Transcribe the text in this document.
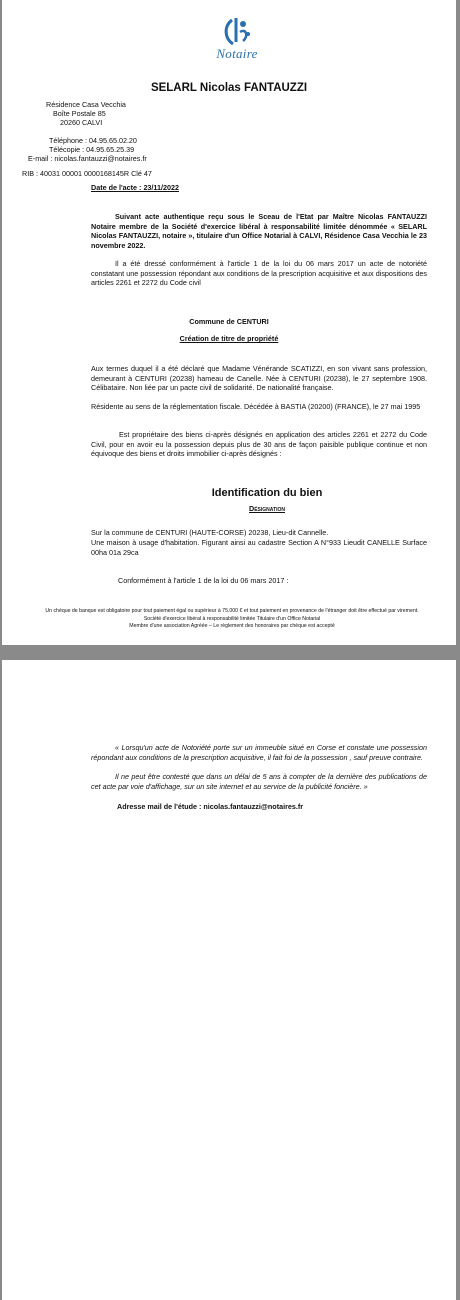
Notaire
SELARL Nicolas FANTAUZZI
Résidence Casa Vecchia
Boîte Postale 85
20260 CALVI
Téléphone : 04.95.65.02.20
Télécopie : 04.95.65.25.39
E-mail : nicolas.fantauzzi@notaires.fr
RIB : 40031 00001 0000168145R Clé 47
Date de l'acte : 23/11/2022
Suivant acte authentique reçu sous le Sceau de l'Etat par Maître Nicolas FANTAUZZI Notaire membre de la Société d'exercice libéral à responsabilité limitée dénommée « SELARL Nicolas FANTAUZZI, notaire », titulaire d'un Office Notarial à CALVI, Résidence Casa Vecchia le 23 novembre 2022.
Il a été dressé conformément à l'article 1 de la loi du 06 mars 2017 un acte de notoriété constatant une possession répondant aux conditions de la prescription acquisitive et aux dispositions des articles 2261 et 2272 du Code civil
Commune de CENTURI
Création de titre de propriété
Aux termes duquel il a été déclaré que Madame Vénérande SCATIZZI, en son vivant sans profession, demeurant à CENTURI (20238) hameau de Canelle. Née à CENTURI (20238), le 27 septembre 1908. Célibataire. Non liée par un pacte civil de solidarité. De nationalité française.
Résidente au sens de la réglementation fiscale. Décédée à BASTIA (20200) (FRANCE), le 27 mai 1995
Est propriétaire des biens ci-après désignés en application des articles 2261 et 2272 du Code Civil, pour en avoir eu la possession depuis plus de 30 ans de façon paisible publique continue et non équivoque des biens et droits immobilier ci-après désignés :
Identification du bien
Désignation
Sur la commune de CENTURI (HAUTE-CORSE) 20238, Lieu-dit Cannelle.
Une maison à usage d'habitation. Figurant ainsi au cadastre Section A N°933 Lieudit CANELLE Surface 00ha 01a 29ca
Conformément à l'article 1 de la loi du 06 mars 2017 :
Un chèque de banque est obligatoire pour tout paiement égal ou supérieur à 75.000 € et tout paiement en provenance de l'étranger doit être effectué par virement.
Société d'exercice libéral à responsabilité limitée Titulaire d'un Office Notarial
Membre d'une association Agréée – Le règlement des honoraires par chèque est accepté
« Lorsqu'un acte de Notoriété porte sur un immeuble situé en Corse et constate une possession répondant aux conditions de la prescription acquisitive, il fait foi de la possession , sauf preuve contraire.
Il ne peut être contesté que dans un délai de 5 ans à compter de la dernière des publications de cet acte par voie d'affichage, sur un site internet et au service de la publicité foncière. »
Adresse mail de l'étude : nicolas.fantauzzi@notaires.fr
